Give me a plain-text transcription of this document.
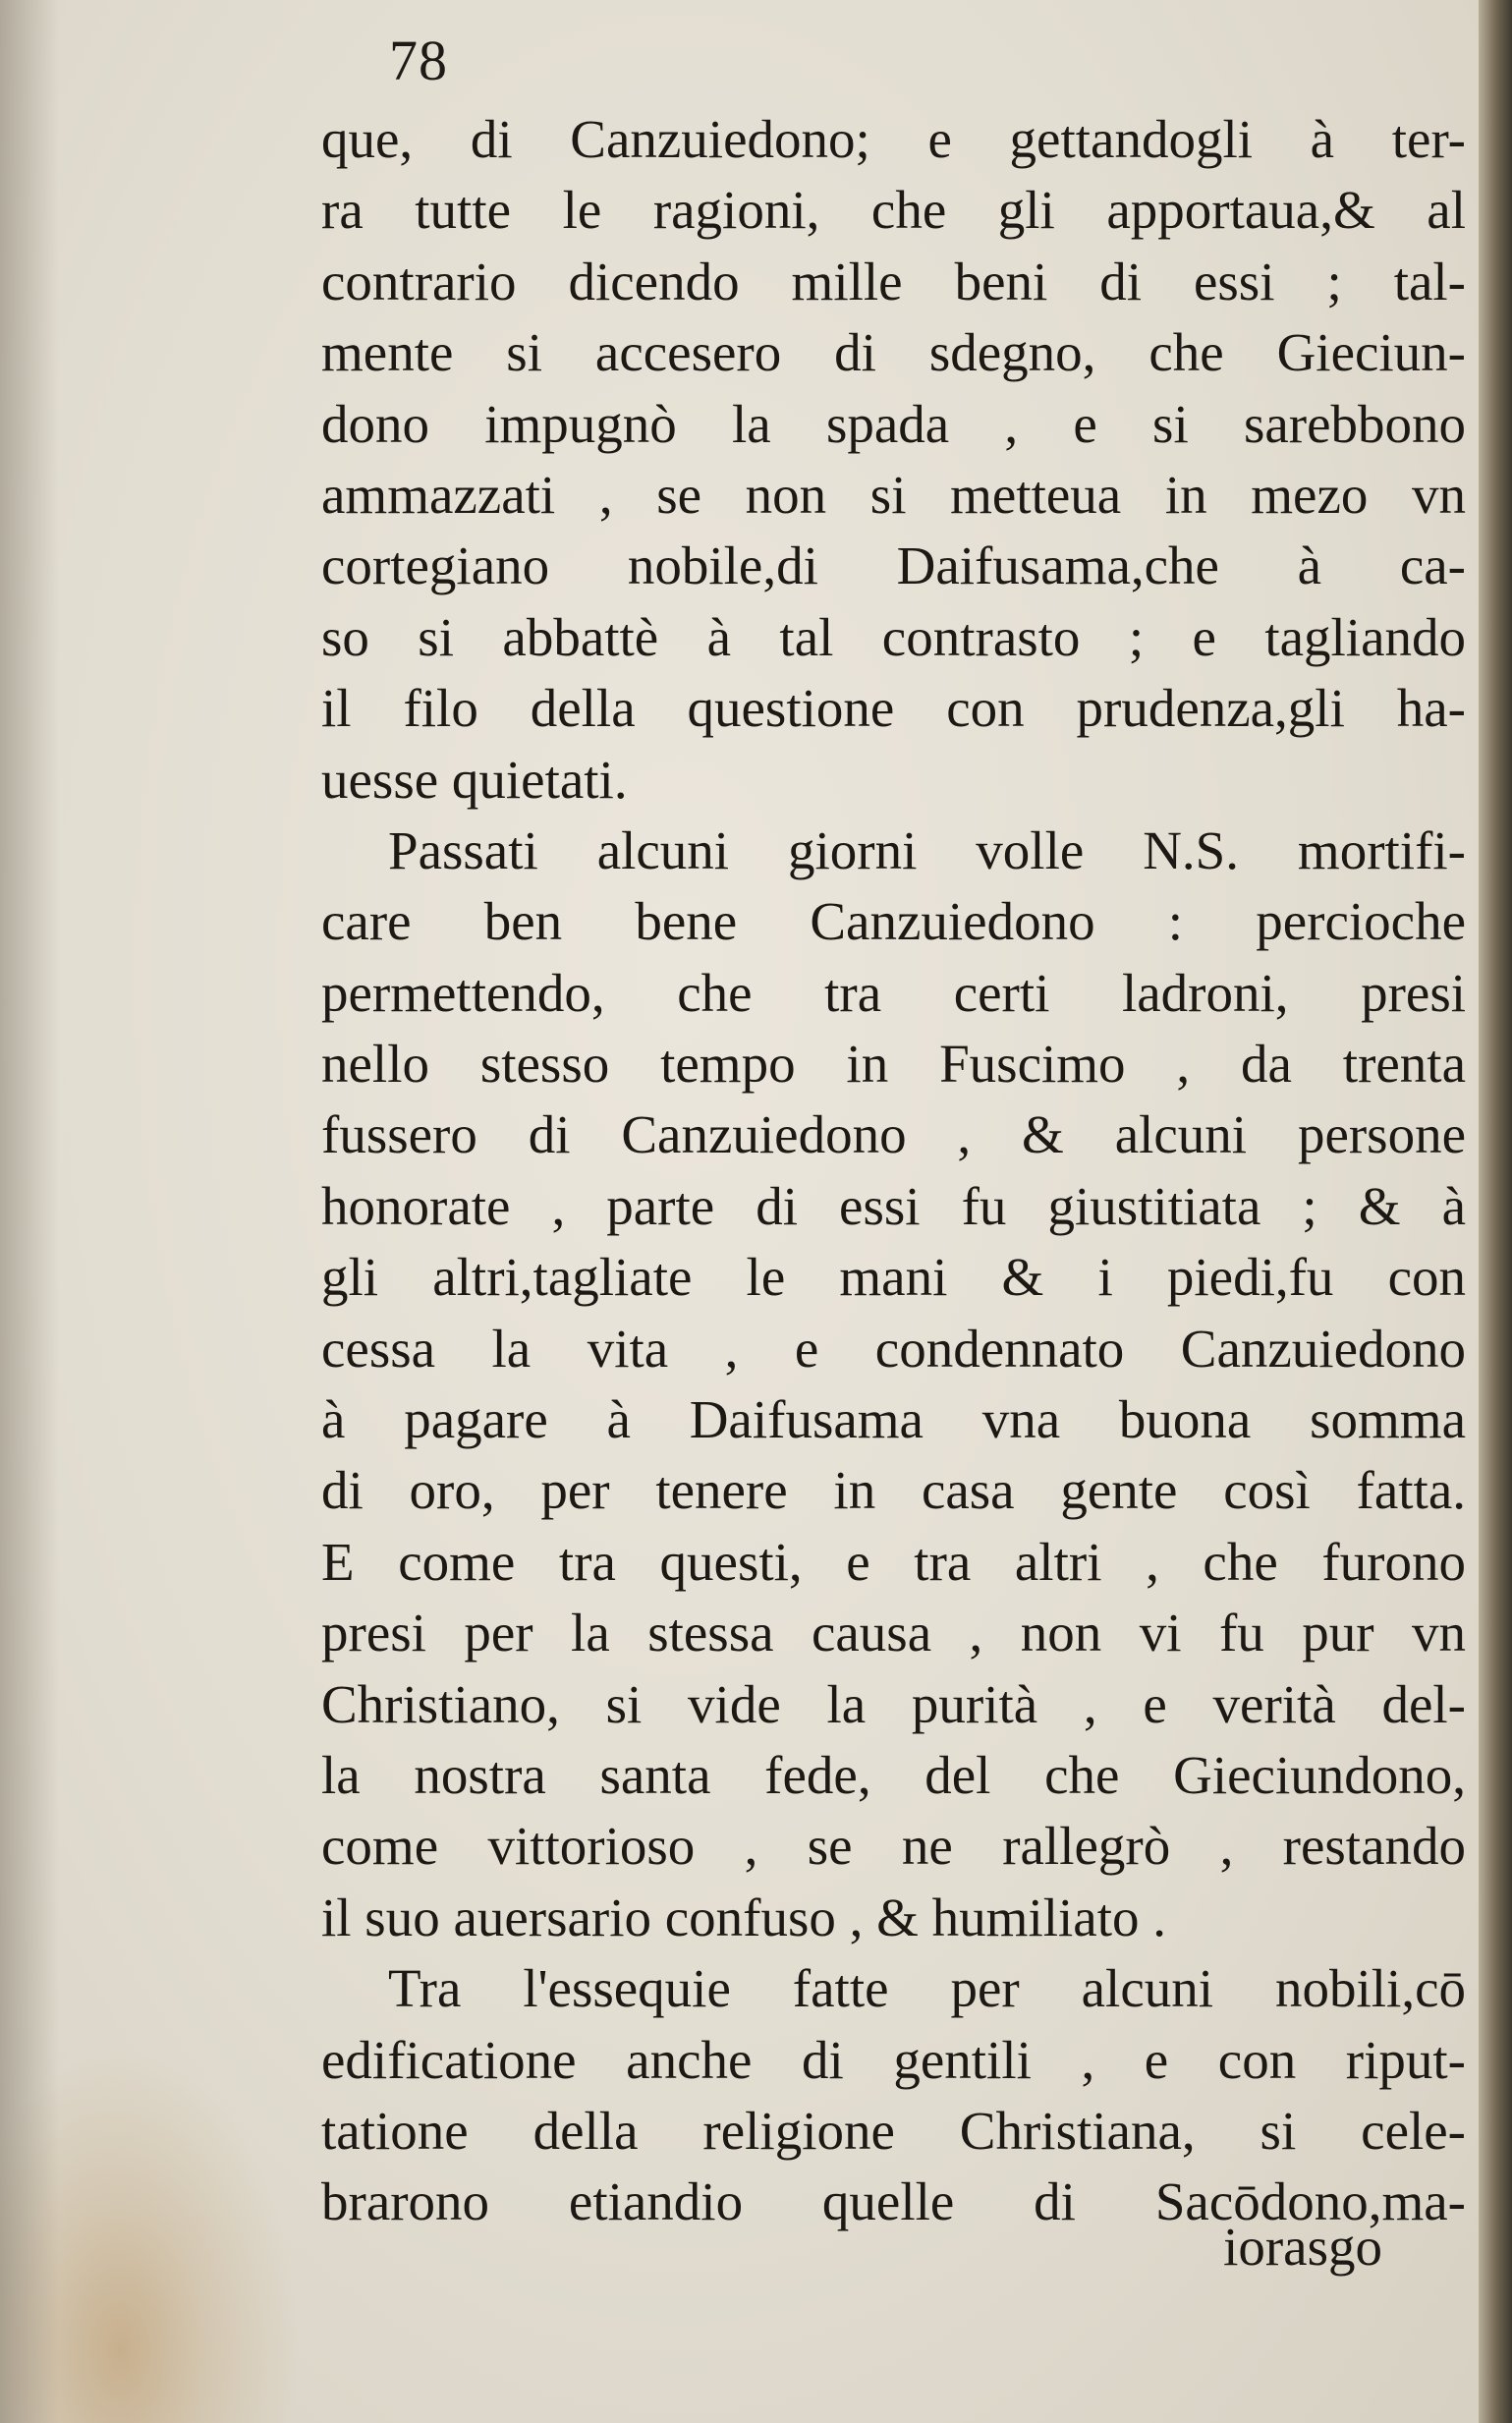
78
que, di Canzuiedono; e gettandogli à ter-
ra tutte le ragioni, che gli apportaua,& al
contrario dicendo mille beni di essi ; tal-
mente si accesero di sdegno, che Gieciun-
dono impugnò la spada , e si sarebbono
ammazzati , se non si metteua in mezo vn
cortegiano nobile,di Daifusama,che à ca-
so si abbattè à tal contrasto ; e tagliando
il filo della questione con prudenza,gli ha-
uesse quietati.
Passati alcuni giorni volle N.S. mortifi-
care ben bene Canzuiedono : percioche
permettendo, che tra certi ladroni, presi
nello stesso tempo in Fuscimo , da trenta
fussero di Canzuiedono , & alcuni persone
honorate , parte di essi fu giustitiata ; & à
gli altri,tagliate le mani & i piedi,fu con
cessa la vita , e condennato Canzuiedono
à pagare à Daifusama vna buona somma
di oro, per tenere in casa gente così fatta.
E come tra questi, e tra altri , che furono
presi per la stessa causa , non vi fu pur vn
Christiano, si vide la purità , e verità del-
la nostra santa fede, del che Gieciundono,
come vittorioso , se ne rallegrò , restando
il suo auersario confuso , & humiliato .
Tra l'essequie fatte per alcuni nobili,cō
edificatione anche di gentili , e con riput-
tatione della religione Christiana, si cele-
brarono etiandio quelle di Sacōdono,ma-
iorasgo
